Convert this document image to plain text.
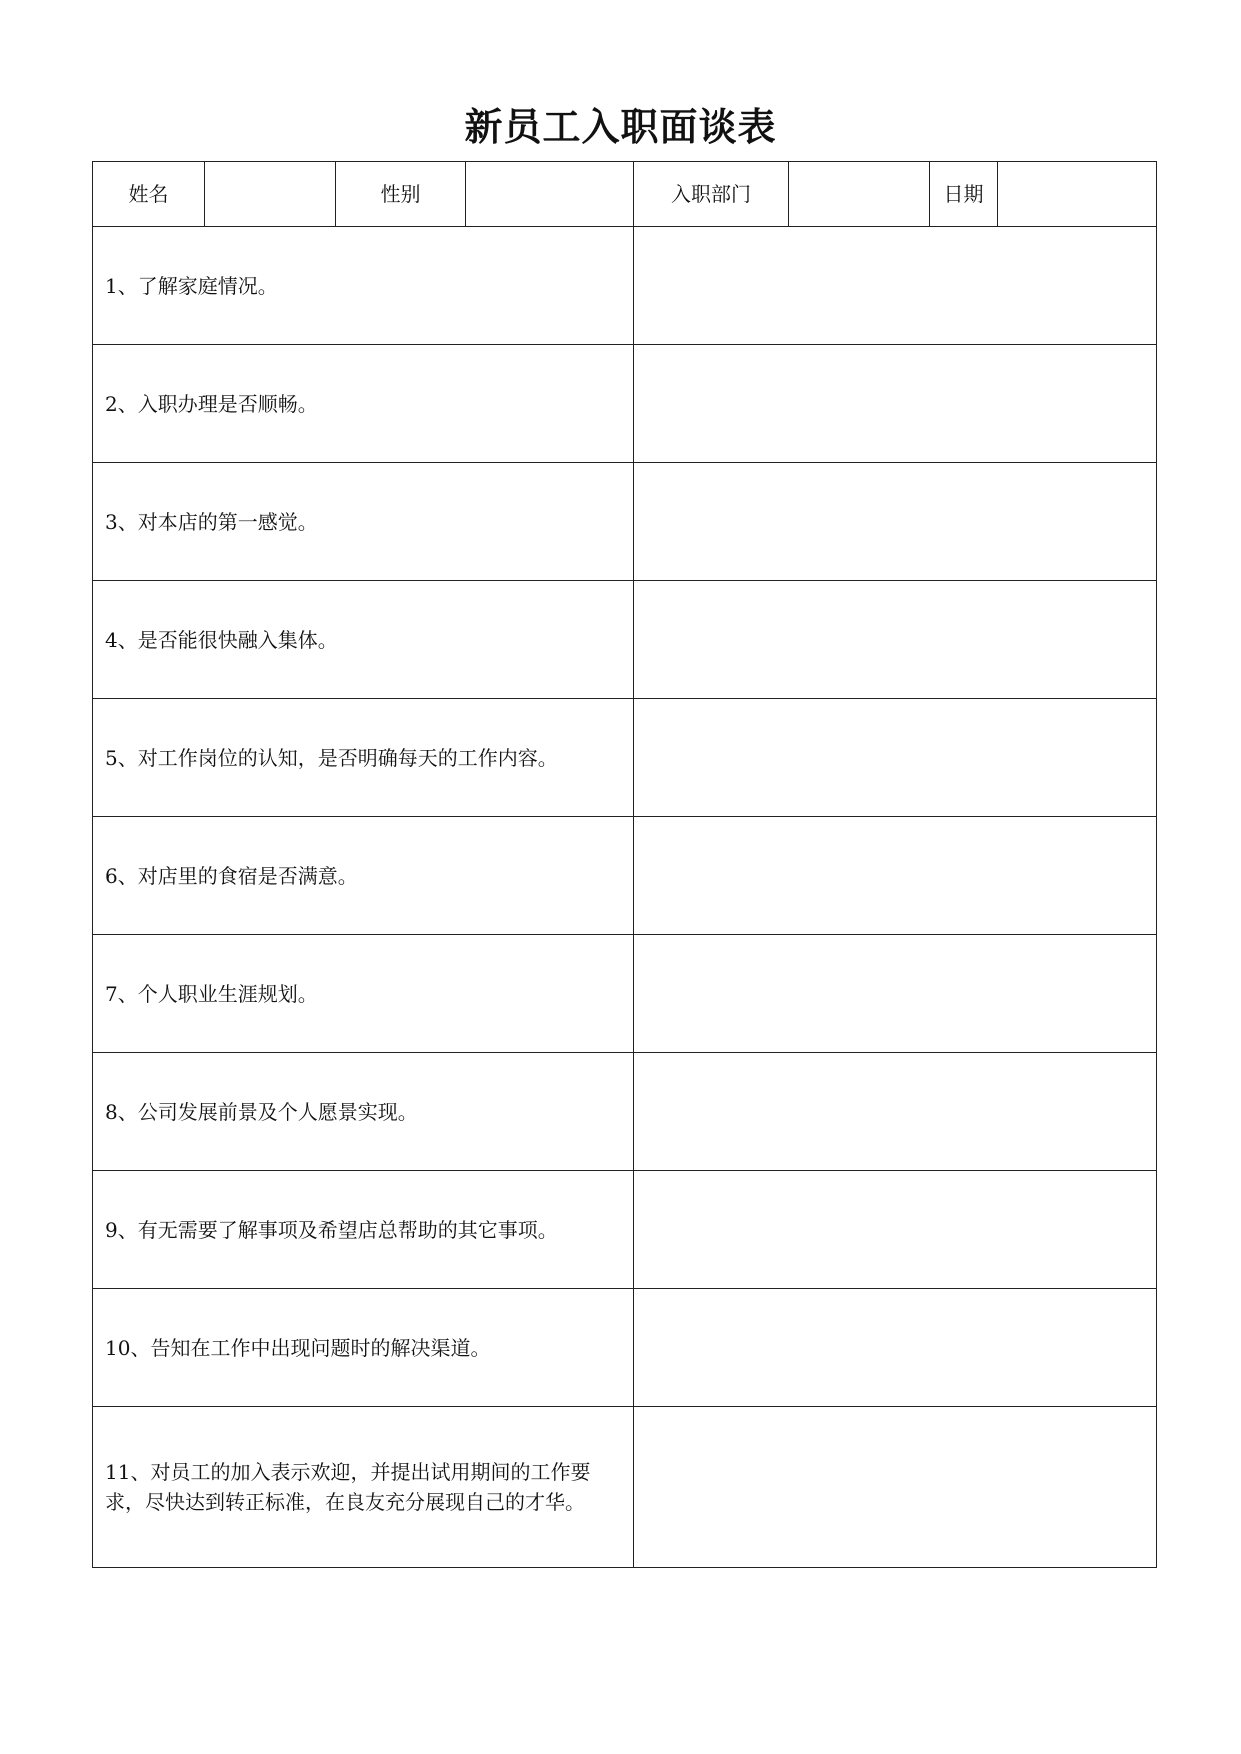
新员工入职面谈表
姓名		性别		入职部门		日期	
1、了解家庭情况。							
2、入职办理是否顺畅。							
3、对本店的第一感觉。							
4、是否能很快融入集体。							
5、对工作岗位的认知，是否明确每天的工作内容。							
6、对店里的食宿是否满意。							
7、个人职业生涯规划。							
8、公司发展前景及个人愿景实现。							
9、有无需要了解事项及希望店总帮助的其它事项。							
10、告知在工作中出现问题时的解决渠道。							
11、对员工的加入表示欢迎，并提出试用期间的工作要求，尽快达到转正标准，在良友充分展现自己的才华。							
